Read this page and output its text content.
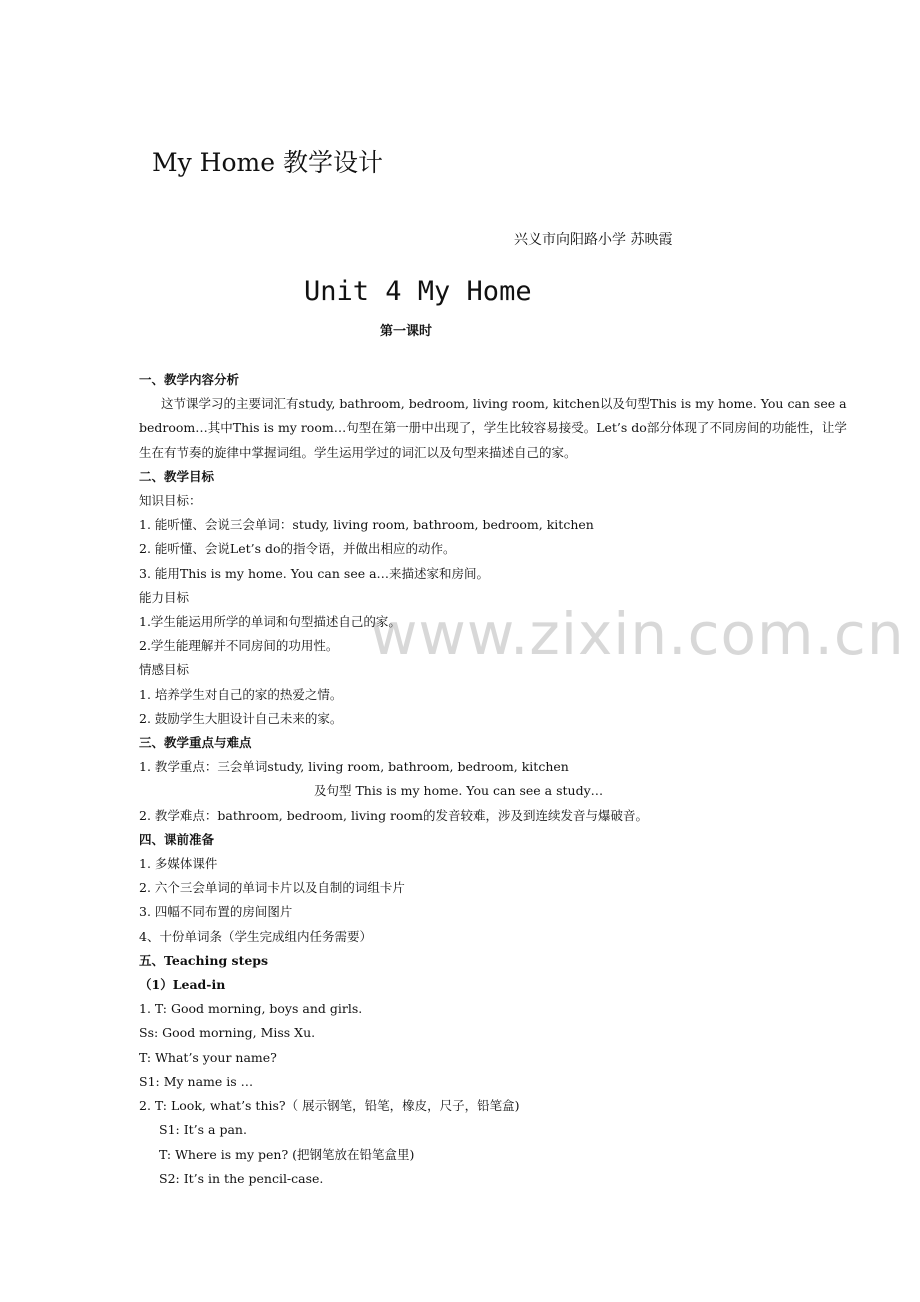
My Home 教学设计
兴义市向阳路小学 苏映霞
Unit 4 My Home
第一课时
www.zixin.com.cn

一、教学内容分析

这节课学习的主要词汇有study, bathroom, bedroom, living room, kitchen以及句型This is my home. You can see a bedroom…其中This is my room…句型在第一册中出现了，学生比较容易接受。Let’s do部分体现了不同房间的功能性，让学生在有节奏的旋律中掌握词组。学生运用学过的词汇以及句型来描述自己的家。

二、教学目标

知识目标：

1. 能听懂、会说三会单词：study, living room, bathroom, bedroom, kitchen

2. 能听懂、会说Let’s do的指令语，并做出相应的动作。

3. 能用This is my home. You can see a…来描述家和房间。

能力目标

1.学生能运用所学的单词和句型描述自己的家。

2.学生能理解并不同房间的功用性。

情感目标

1. 培养学生对自己的家的热爱之情。

2. 鼓励学生大胆设计自己未来的家。

三、教学重点与难点

1. 教学重点：三会单词study, living room, bathroom, bedroom, kitchen

及句型 This is my home. You can see a study…

2. 教学难点：bathroom, bedroom, living room的发音较难，涉及到连续发音与爆破音。

四、课前准备

1. 多媒体课件

2. 六个三会单词的单词卡片以及自制的词组卡片

3. 四幅不同布置的房间图片

4、十份单词条（学生完成组内任务需要）

五、Teaching steps

（1）Lead-in

1. T: Good morning, boys and girls.

Ss: Good morning, Miss Xu.

T: What’s your name?

S1: My name is …

2. T: Look, what’s this?（ 展示钢笔，铅笔，橡皮，尺子，铅笔盒)

S1: It’s a pan.

T: Where is my pen? (把钢笔放在铅笔盒里)

S2: It’s in the pencil-case.
